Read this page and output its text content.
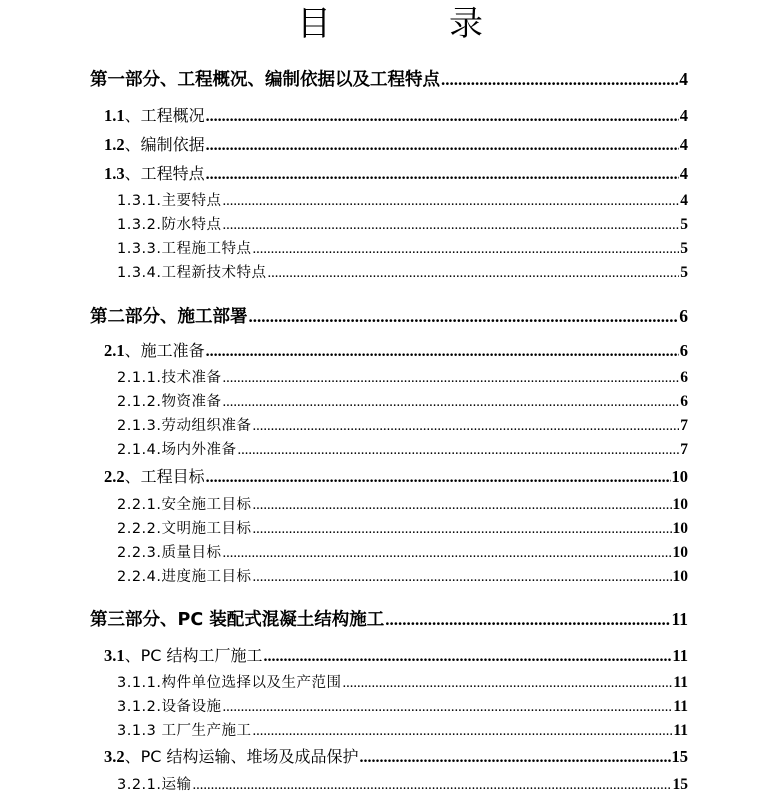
目　录
第一部分、工程概况、编制依据以及工程特点 .....	4
1.1 、工程概况 .....	4
1.2 、编制依据 .....	4
1.3 、工程特点 .....	4
1.3.1.主要特点 .....	4
1.3.2.防水特点 .....	5
1.3.3.工程施工特点 .....	5
1.3.4.工程新技术特点 .....	5
第二部分、施工部署 .....	6
2.1 、施工准备 .....	6
2.1.1.技术准备 .....	6
2.1.2.物资准备 .....	6
2.1.3.劳动组织准备 .....	7
2.1.4.场内外准备 .....	7
2.2 、工程目标 .....	10
2.2.1.安全施工目标 .....	10
2.2.2.文明施工目标 .....	10
2.2.3.质量目标 .....	10
2.2.4.进度施工目标 .....	10
第三部分、PC 装配式混凝土结构施工 .....	11
3.1 、PC 结构工厂施工 .....	11
3.1.1.构件单位选择以及生产范围 .....	11
3.1.2.设备设施 .....	11
3.1.3 工厂生产施工 .....	11
3.2 、PC 结构运输、堆场及成品保护 .....	15
3.2.1.运输 .....	15
